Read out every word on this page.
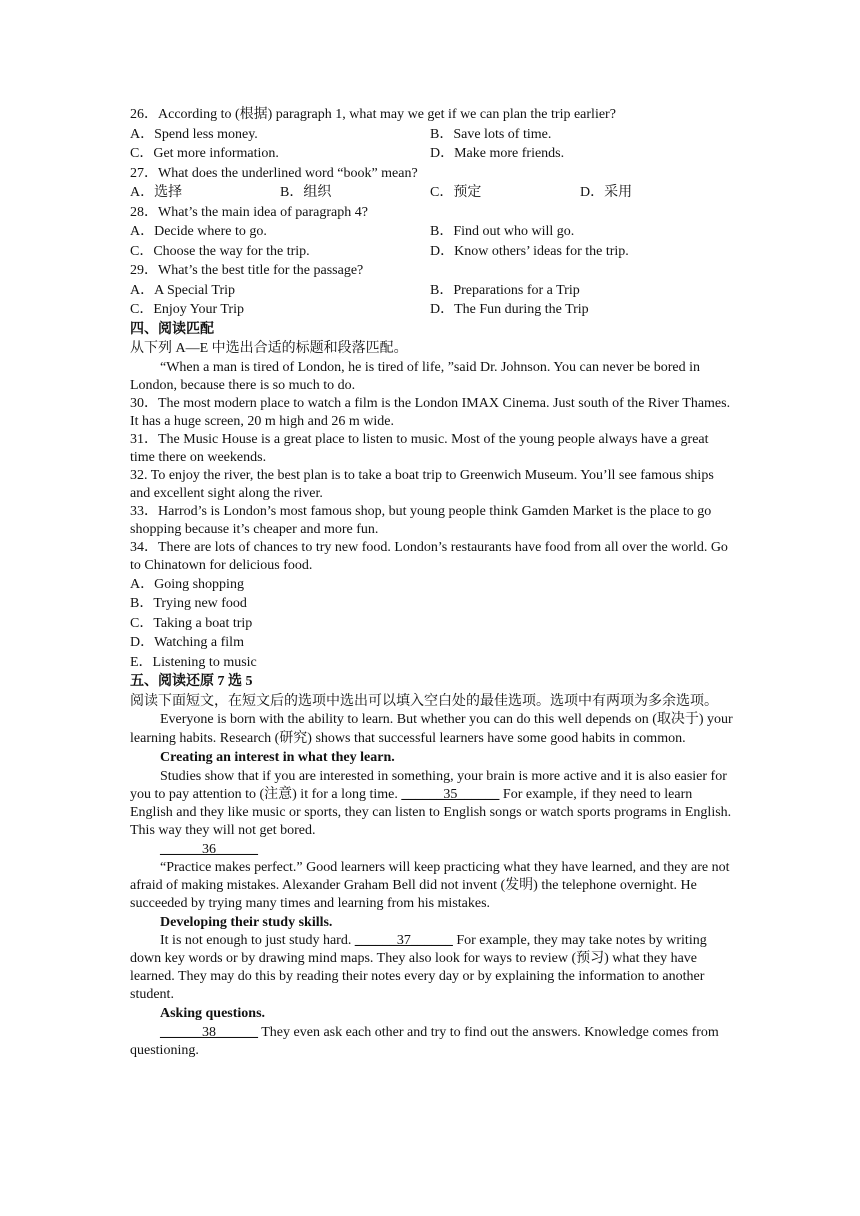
26．According to (根据) paragraph 1, what may we get if we can plan the trip earlier?
A．Spend less money.	B．Save lots of time.
C．Get more information.	D．Make more friends.
27．What does the underlined word “book” mean?
A．选择	B．组织	C．预定	D．采用
28．What’s the main idea of paragraph 4?
A．Decide where to go.	B．Find out who will go.
C．Choose the way for the trip.	D．Know others’ ideas for the trip.
29．What’s the best title for the passage?
A．A Special Trip	B．Preparations for a Trip
C．Enjoy Your Trip	D．The Fun during the Trip
四、阅读匹配
从下列 A—E 中选出合适的标题和段落匹配。
“When a man is tired of London, he is tired of life, ”said Dr. Johnson. You can never be bored in London, because there is so much to do.
30．The most modern place to watch a film is the London IMAX Cinema. Just south of the River Thames. It has a huge screen, 20 m high and 26 m wide.
31．The Music House is a great place to listen to music. Most of the young people always have a great time there on weekends.
32. To enjoy the river, the best plan is to take a boat trip to Greenwich Museum. You’ll see famous ships and excellent sight along the river.
33．Harrod’s is London’s most famous shop, but young people think Gamden Market is the place to go shopping because it’s cheaper and more fun.
34．There are lots of chances to try new food. London’s restaurants have food from all over the world. Go to Chinatown for delicious food.
A．Going shopping
B．Trying new food
C．Taking a boat trip
D．Watching a film
E．Listening to music
五、阅读还原 7 选 5
阅读下面短文，在短文后的选项中选出可以填入空白处的最佳选项。选项中有两项为多余选项。
Everyone is born with the ability to learn. But whether you can do this well depends on (取决于) your learning habits. Research (研究) shows that successful learners have some good habits in common.
Creating an interest in what they learn.
Studies show that if you are interested in something, your brain is more active and it is also easier for you to pay attention to (注意) it for a long time. ______35______ For example, if they need to learn English and they like music or sports, they can listen to English songs or watch sports programs in English. This way they will not get bored.
______36______
“Practice makes perfect.” Good learners will keep practicing what they have learned, and they are not afraid of making mistakes. Alexander Graham Bell did not invent (发明) the telephone overnight. He succeeded by trying many times and learning from his mistakes.
Developing their study skills.
It is not enough to just study hard. ______37______ For example, they may take notes by writing down key words or by drawing mind maps. They also look for ways to review (预习) what they have learned. They may do this by reading their notes every day or by explaining the information to another student.
Asking questions.
______38______ They even ask each other and try to find out the answers. Knowledge comes from questioning.
